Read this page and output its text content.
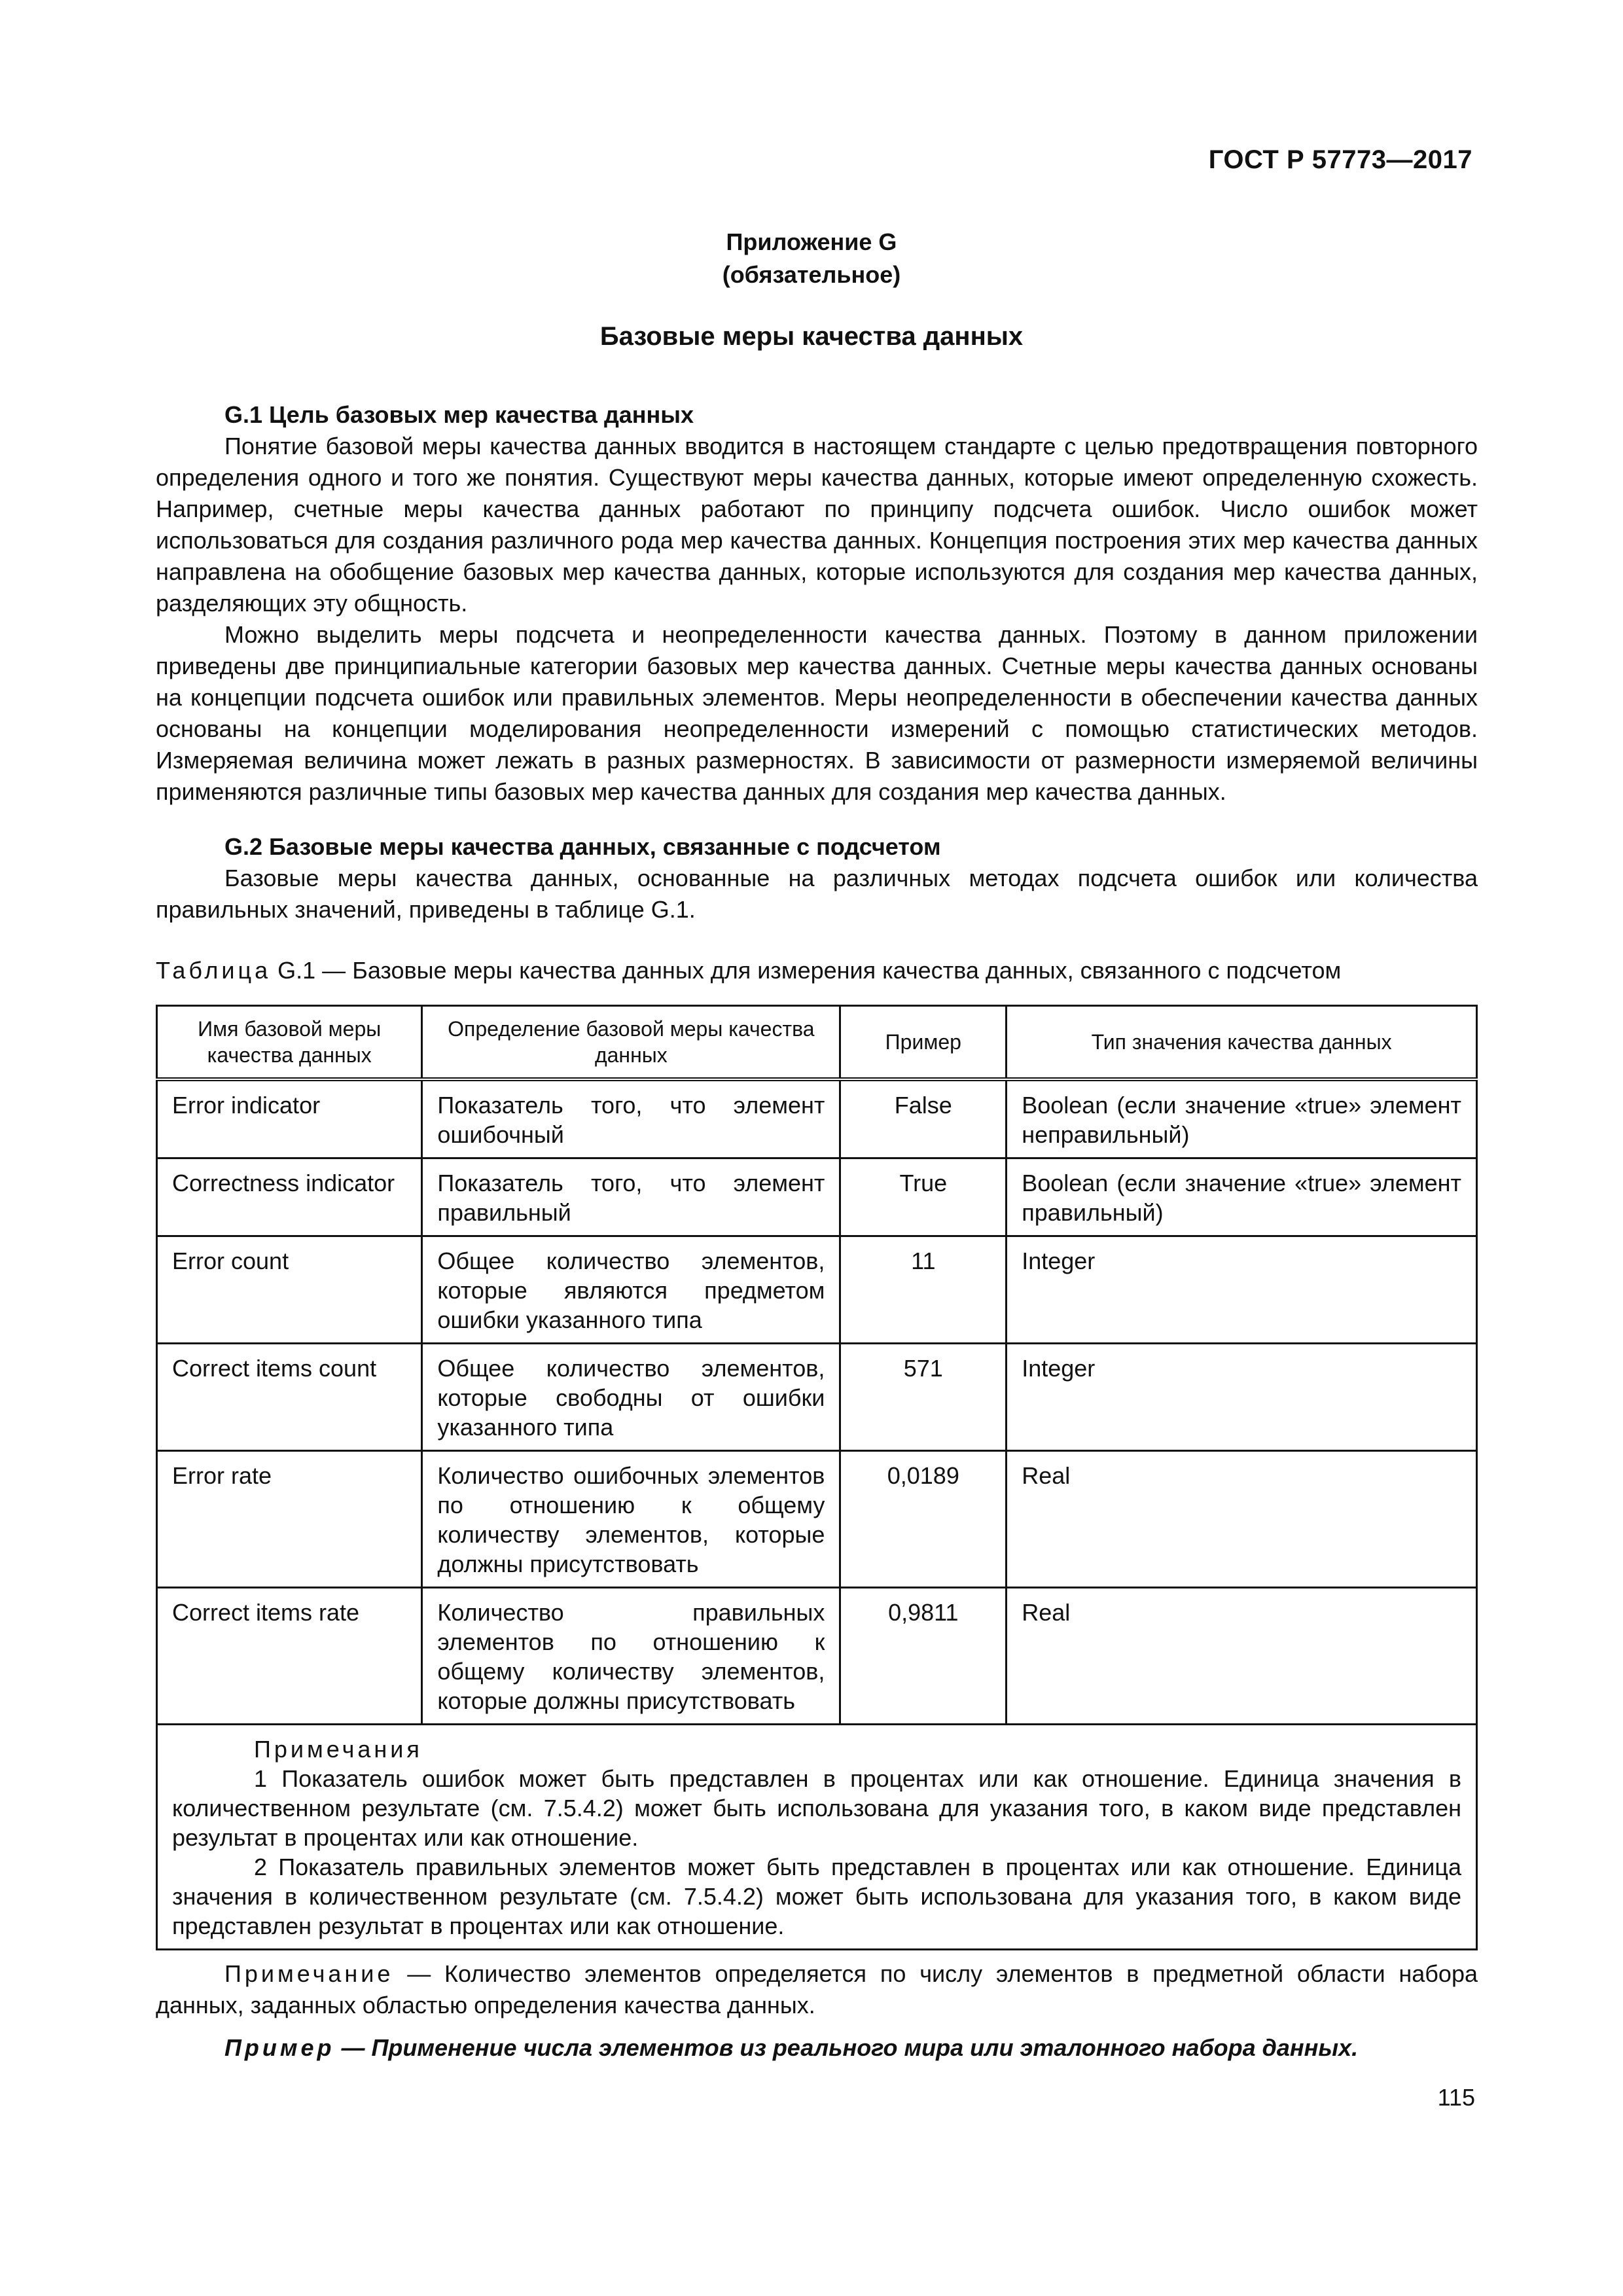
ГОСТ Р 57773—2017
Приложение G
(обязательное)
Базовые меры качества данных

G.1 Цель базовых мер качества данных

Понятие базовой меры качества данных вводится в настоящем стандарте с целью предотвращения повторного определения одного и того же понятия. Существуют меры качества данных, которые имеют определенную схожесть. Например, счетные меры качества данных работают по принципу подсчета ошибок. Число ошибок может использоваться для создания различного рода мер качества данных. Концепция построения этих мер качества данных направлена на обобщение базовых мер качества данных, которые используются для создания мер качества данных, разделяющих эту общность.

Можно выделить меры подсчета и неопределенности качества данных. Поэтому в данном приложении приведены две принципиальные категории базовых мер качества данных. Счетные меры качества данных основаны на концепции подсчета ошибок или правильных элементов. Меры неопределенности в обеспечении качества данных основаны на концепции моделирования неопределенности измерений с помощью статистических методов. Измеряемая величина может лежать в разных размерностях. В зависимости от размерности измеряемой величины применяются различные типы базовых мер качества данных для создания мер качества данных.

G.2 Базовые меры качества данных, связанные с подсчетом

Базовые меры качества данных, основанные на различных методах подсчета ошибок или количества правильных значений, приведены в таблице G.1.

Таблица G.1 — Базовые меры качества данных для измерения качества данных, связанного с подсчетом
Имя базовой меры качества данных	Определение базовой меры качества данных	Пример	Тип значения качества данных
Error indicator	Показатель того, что элемент ошибочный	False	Boolean (если значение «true» элемент неправильный)
Correctness indicator	Показатель того, что элемент правильный	True	Boolean (если значение «true» элемент правильный)
Error count	Общее количество элементов, которые являются предметом ошибки указанного типа	11	Integer
Correct items count	Общее количество элементов, которые свободны от ошибки указанного типа	571	Integer
Error rate	Количество ошибочных элементов по отношению к общему количеству элементов, которые должны присутствовать	0,0189	Real
Correct items rate	Количество правильных элементов по отношению к общему количеству элементов, которые должны присутствовать	0,9811	Real

Примечания

1 Показатель ошибок может быть представлен в процентах или как отношение. Единица значения в количественном результате (см. 7.5.4.2) может быть использована для указания того, в каком виде представлен результат в процентах или как отношение.

2 Показатель правильных элементов может быть представлен в процентах или как отношение. Единица значения в количественном результате (см. 7.5.4.2) может быть использована для указания того, в каком виде представлен результат в процентах или как отношение.			

Примечание — Количество элементов определяется по числу элементов в предметной области набора данных, заданных областью определения качества данных.

Пример — Применение числа элементов из реального мира или эталонного набора данных.

115
